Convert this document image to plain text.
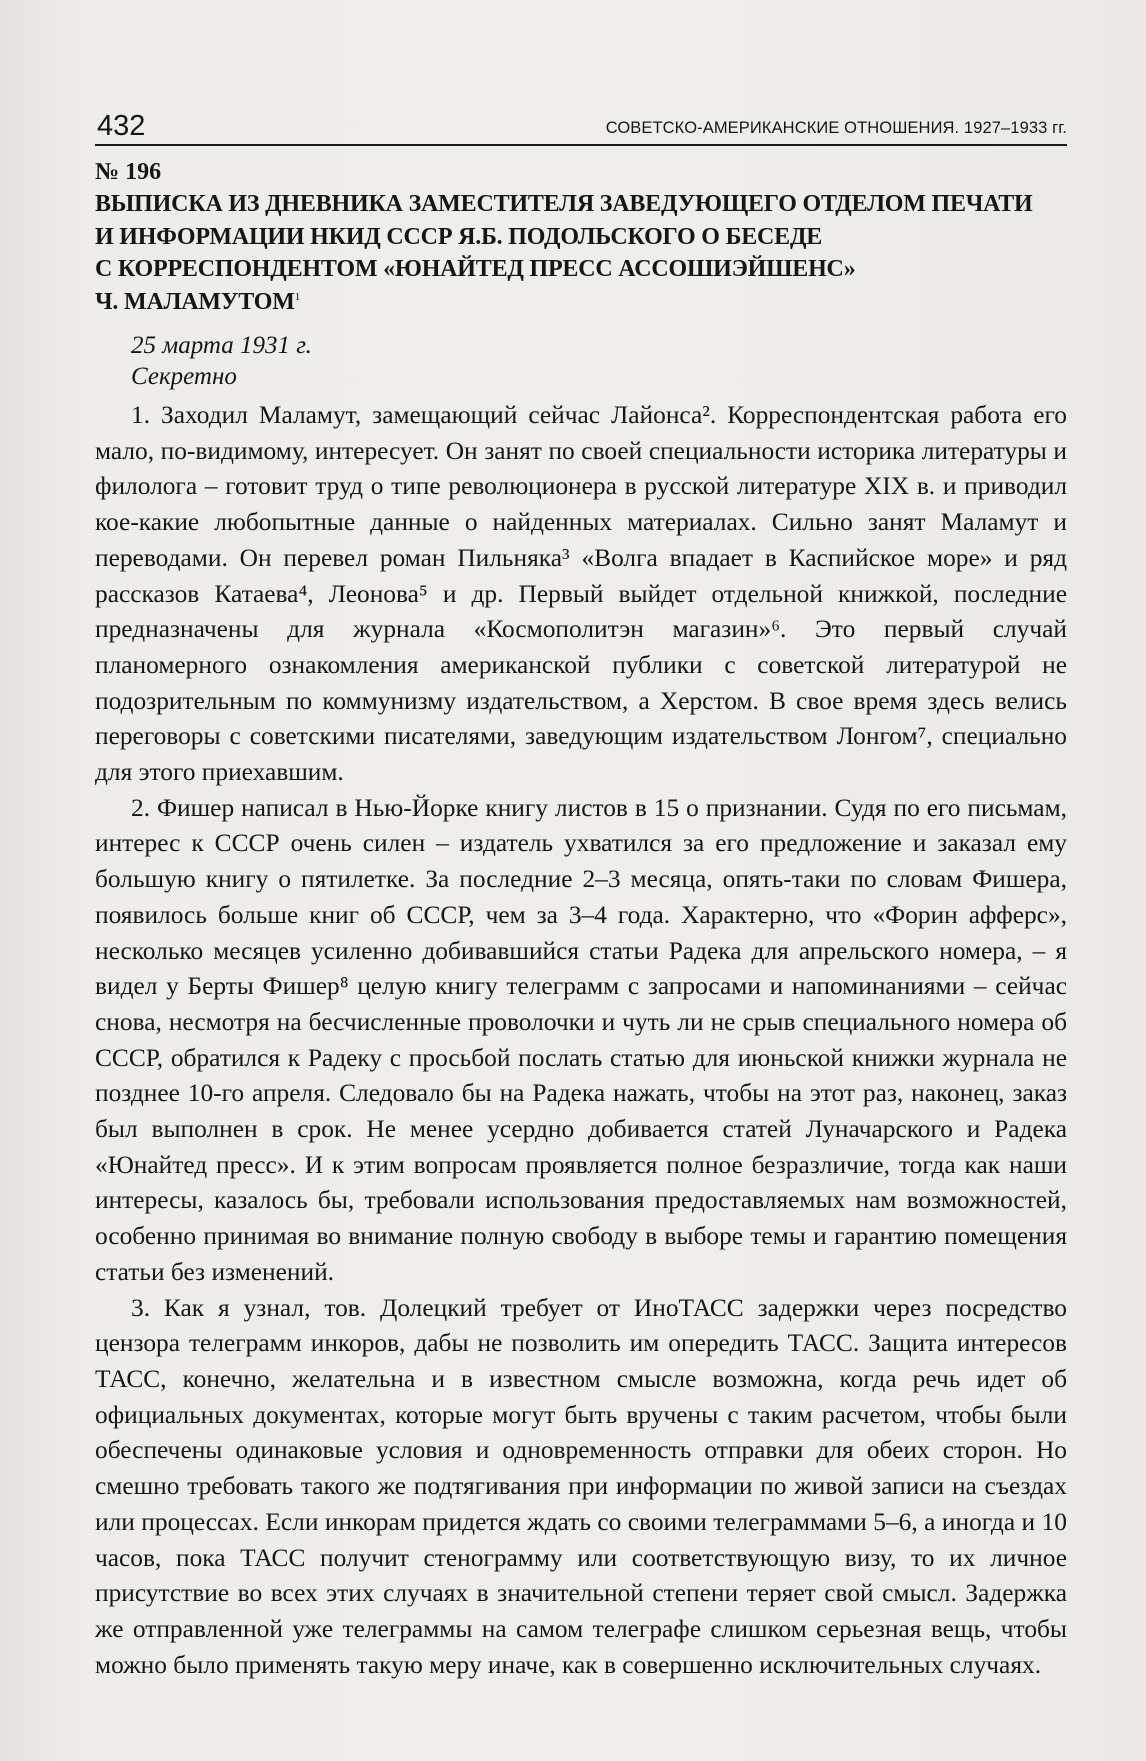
432	СОВЕТСКО-АМЕРИКАНСКИЕ ОТНОШЕНИЯ. 1927–1933 гг.
№ 196
ВЫПИСКА ИЗ ДНЕВНИКА ЗАМЕСТИТЕЛЯ ЗАВЕДУЮЩЕГО ОТДЕЛОМ ПЕЧАТИ
И ИНФОРМАЦИИ НКИД СССР Я.Б. ПОДОЛЬСКОГО О БЕСЕДЕ
С КОРРЕСПОНДЕНТОМ «ЮНАЙТЕД ПРЕСС АССОШИЭЙШЕНС»
Ч. МАЛАМУТОМ$^1$
25 марта 1931 г.
Секретно

1. Заходил Маламут, замещающий сейчас Лайонса². Корреспондентская работа его мало, по-видимому, интересует. Он занят по своей специальности историка литературы и филолога – готовит труд о типе революционера в русской литературе XIX в. и приводил кое-какие любопытные данные о найденных материалах. Сильно занят Маламут и переводами. Он перевел роман Пильняка³ «Волга впадает в Каспийское море» и ряд рассказов Катаева⁴, Леонова⁵ и др. Первый выйдет отдельной книжкой, последние предназначены для журнала «Космополитэн магазин»⁶. Это первый случай планомерного ознакомления американской публики с советской литературой не подозрительным по коммунизму издательством, а Херстом. В свое время здесь велись переговоры с советскими писателями, заведующим издательством Лонгом⁷, специально для этого приехавшим.

2. Фишер написал в Нью-Йорке книгу листов в 15 о признании. Судя по его письмам, интерес к СССР очень силен – издатель ухватился за его предложение и заказал ему большую книгу о пятилетке. За последние 2–3 месяца, опять-таки по словам Фишера, появилось больше книг об СССР, чем за 3–4 года. Характерно, что «Форин афферс», несколько месяцев усиленно добивавшийся статьи Радека для апрельского номера, – я видел у Берты Фишер⁸ целую книгу телеграмм с запросами и напоминаниями – сейчас снова, несмотря на бесчисленные проволочки и чуть ли не срыв специального номера об СССР, обратился к Радеку с просьбой послать статью для июньской книжки журнала не позднее 10-го апреля. Следовало бы на Радека нажать, чтобы на этот раз, наконец, заказ был выполнен в срок. Не менее усердно добивается статей Луначарского и Радека «Юнайтед пресс». И к этим вопросам проявляется полное безразличие, тогда как наши интересы, казалось бы, требовали использования предоставляемых нам возможностей, особенно принимая во внимание полную свободу в выборе темы и гарантию помещения статьи без изменений.

3. Как я узнал, тов. Долецкий требует от ИноТАСС задержки через посредство цензора телеграмм инкоров, дабы не позволить им опередить ТАСС. Защита интересов ТАСС, конечно, желательна и в известном смысле возможна, когда речь идет об официальных документах, которые могут быть вручены с таким расчетом, чтобы были обеспечены одинаковые условия и одновременность отправки для обеих сторон. Но смешно требовать такого же подтягивания при информации по живой записи на съездах или процессах. Если инкорам придется ждать со своими телеграммами 5–6, а иногда и 10 часов, пока ТАСС получит стенограмму или соответствующую визу, то их личное присутствие во всех этих случаях в значительной степени теряет свой смысл. Задержка же отправленной уже телеграммы на самом телеграфе слишком серьезная вещь, чтобы можно было применять такую меру иначе, как в совершенно исключительных случаях.
